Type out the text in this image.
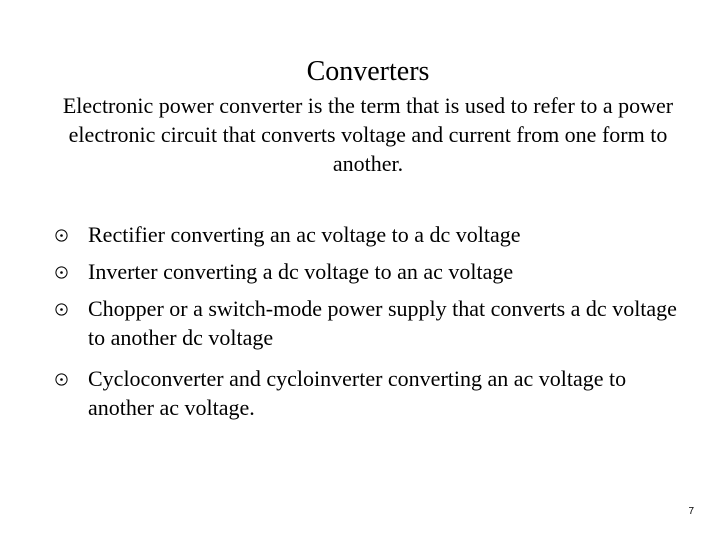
Converters
Electronic power converter is the term that is used to refer to a power electronic circuit that converts voltage and current from one form to another.
Rectifier converting an ac voltage to a dc voltage
Inverter converting a dc voltage to an ac voltage
Chopper or a switch-mode power supply that converts a dc voltage to another dc voltage
Cycloconverter and cycloinverter converting an ac voltage to another ac voltage.
7
